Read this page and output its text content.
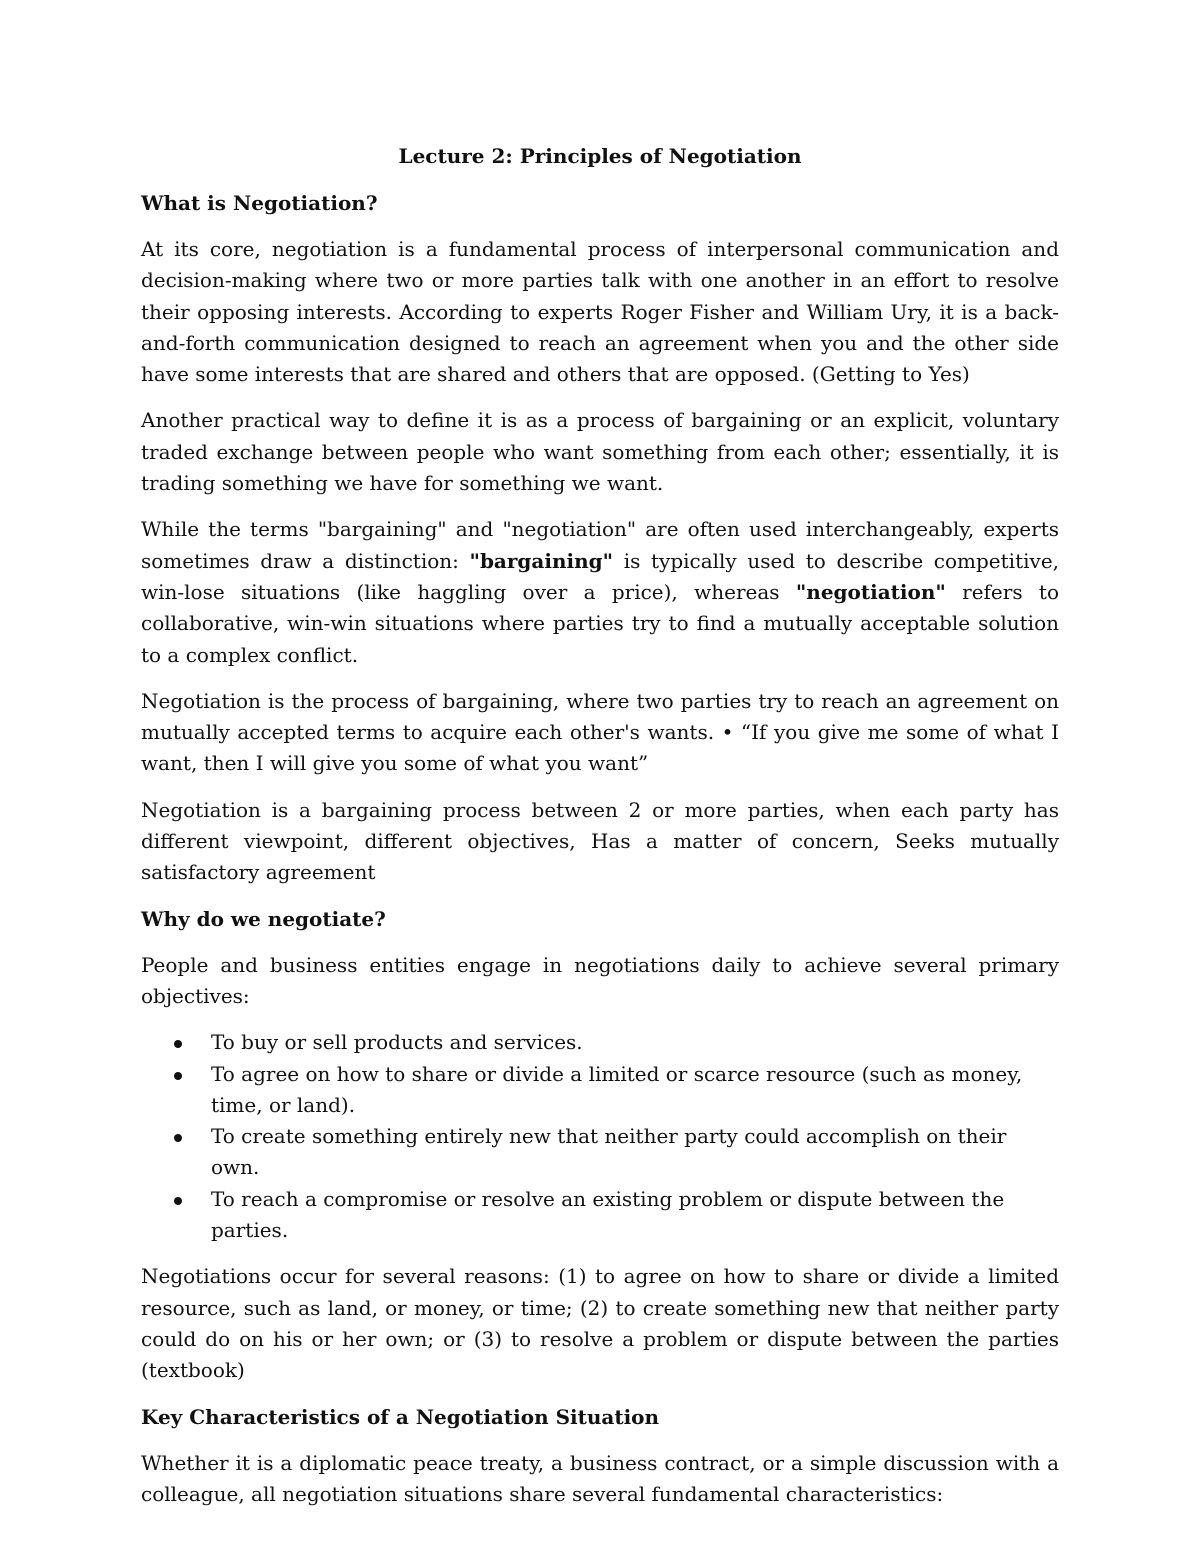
Lecture 2: Principles of Negotiation
What is Negotiation?

At its core, negotiation is a fundamental process of interpersonal communication and decision-making where two or more parties talk with one another in an effort to resolve their opposing interests. According to experts Roger Fisher and William Ury, it is a back-and-forth communication designed to reach an agreement when you and the other side have some interests that are shared and others that are opposed. (Getting to Yes)

Another practical way to define it is as a process of bargaining or an explicit, voluntary traded exchange between people who want something from each other; essentially, it is trading something we have for something we want.

While the terms "bargaining" and "negotiation" are often used interchangeably, experts sometimes draw a distinction: "bargaining" is typically used to describe competitive, win-lose situations (like haggling over a price), whereas "negotiation" refers to collaborative, win-win situations where parties try to find a mutually acceptable solution to a complex conflict.

Negotiation is the process of bargaining, where two parties try to reach an agreement on mutually accepted terms to acquire each other's wants. • “If you give me some of what I want, then I will give you some of what you want”

Negotiation is a bargaining process between 2 or more parties, when each party has different viewpoint, different objectives, Has a matter of concern, Seeks mutually satisfactory agreement

Why do we negotiate?

People and business entities engage in negotiations daily to achieve several primary objectives:

To buy or sell products and services.
To agree on how to share or divide a limited or scarce resource (such as money, time, or land).
To create something entirely new that neither party could accomplish on their own.
To reach a compromise or resolve an existing problem or dispute between the parties.

Negotiations occur for several reasons: (1) to agree on how to share or divide a limited resource, such as land, or money, or time; (2) to create something new that neither party could do on his or her own; or (3) to resolve a problem or dispute between the parties (textbook)

Key Characteristics of a Negotiation Situation

Whether it is a diplomatic peace treaty, a business contract, or a simple discussion with a colleague, all negotiation situations share several fundamental characteristics:
